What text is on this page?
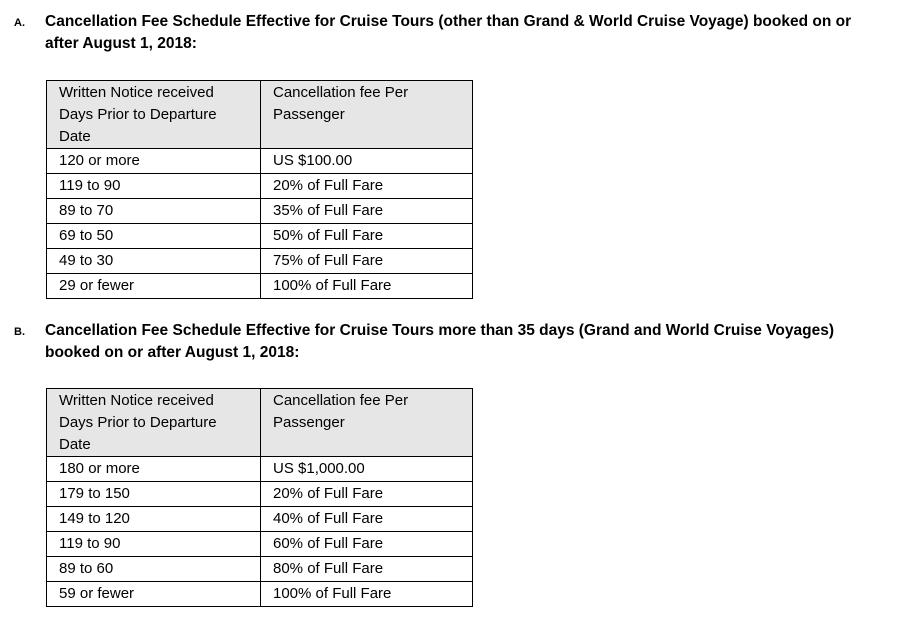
A. Cancellation Fee Schedule Effective for Cruise Tours (other than Grand & World Cruise Voyage) booked on or after August 1, 2018:
Written Notice received Days Prior to Departure Date	Cancellation fee Per Passenger
120 or more	US $100.00
119 to 90	20% of Full Fare
89 to 70	35% of Full Fare
69 to 50	50% of Full Fare
49 to 30	75% of Full Fare
29 or fewer	100% of Full Fare
B. Cancellation Fee Schedule Effective for Cruise Tours more than 35 days (Grand and World Cruise Voyages) booked on or after August 1, 2018:
Written Notice received Days Prior to Departure Date	Cancellation fee Per Passenger
180 or more	US $1,000.00
179 to 150	20% of Full Fare
149 to 120	40% of Full Fare
119 to 90	60% of Full Fare
89 to 60	80% of Full Fare
59 or fewer	100% of Full Fare
